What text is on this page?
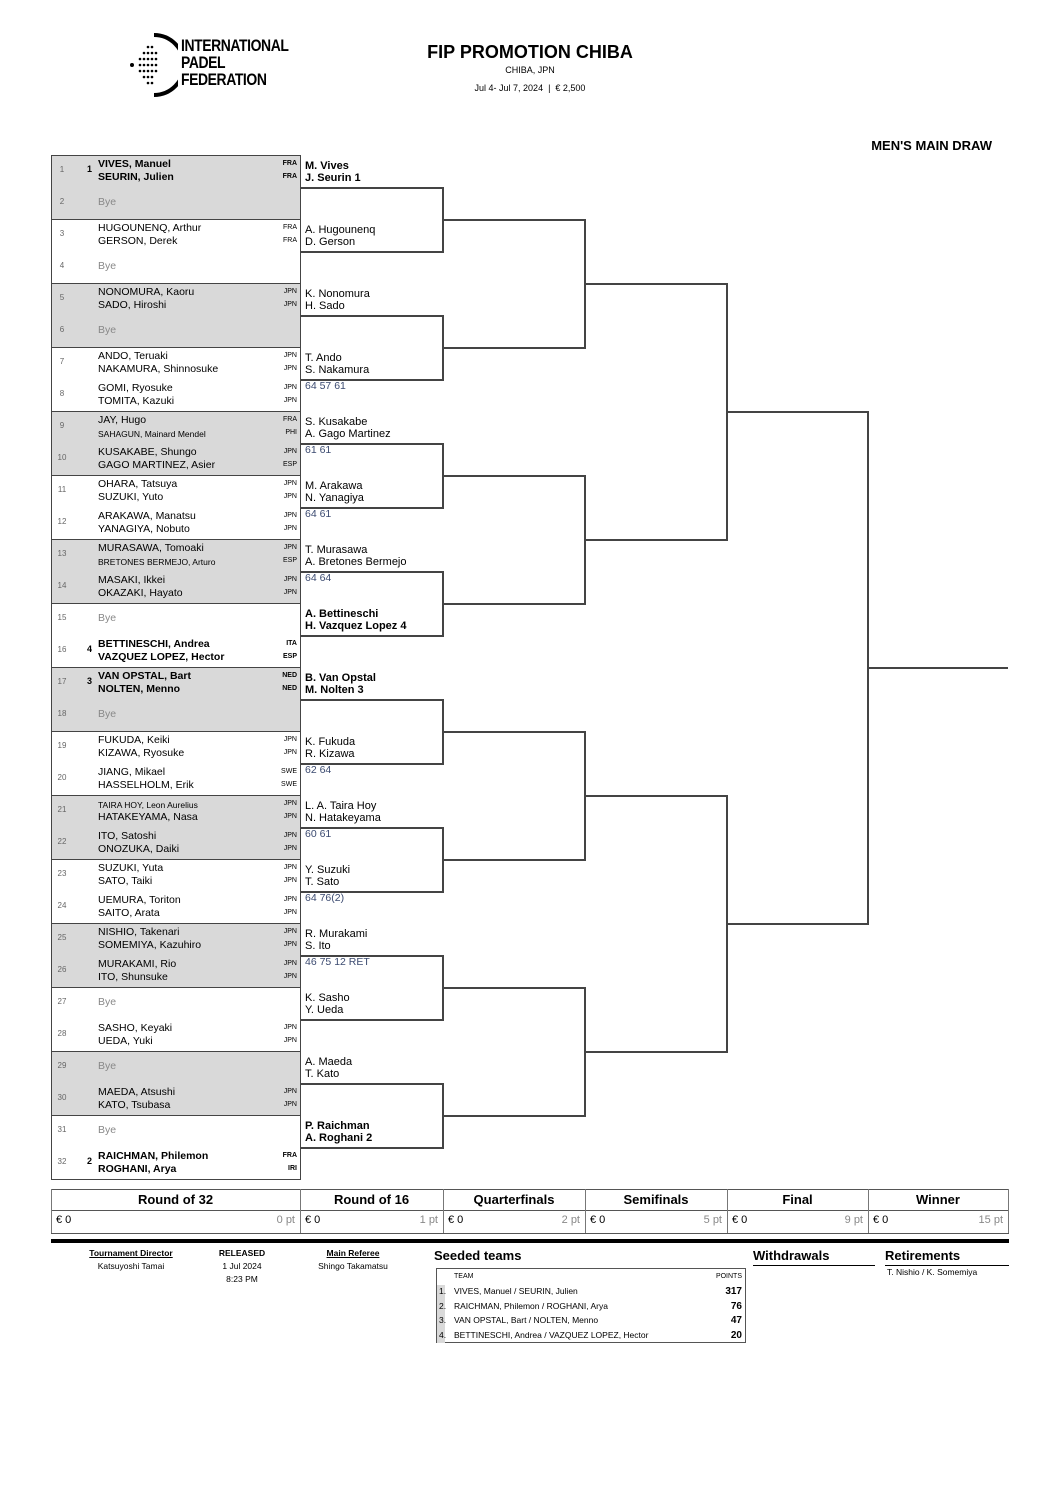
INTERNATIONAL
PADEL
FEDERATION
FIP PROMOTION CHIBA
CHIBA, JPN
Jul 4- Jul 7, 2024  |  € 2,500
MEN'S MAIN DRAW
1	1 VIVES, Manuel	FRA
SEURIN, Julien	FRA
2	Bye
3	HUGOUNENQ, Arthur	FRA
GERSON, Derek	FRA
4	Bye
5	NONOMURA, Kaoru	JPN
SADO, Hiroshi	JPN
6	Bye
7	ANDO, Teruaki	JPN
NAKAMURA, Shinnosuke	JPN
8	GOMI, Ryosuke	JPN
TOMITA, Kazuki	JPN
9	JAY, Hugo	FRA
SAHAGUN, Mainard Mendel	PHI
10	KUSAKABE, Shungo	JPN
GAGO MARTINEZ, Asier	ESP
11	OHARA, Tatsuya	JPN
SUZUKI, Yuto	JPN
12	ARAKAWA, Manatsu	JPN
YANAGIYA, Nobuto	JPN
13	MURASAWA, Tomoaki	JPN
BRETONES BERMEJO, Arturo	ESP
14	MASAKI, Ikkei	JPN
OKAZAKI, Hayato	JPN
15	Bye
16	4 BETTINESCHI, Andrea	ITA
VAZQUEZ LOPEZ, Hector	ESP
17	3 VAN OPSTAL, Bart	NED
NOLTEN, Menno	NED
18	Bye
19	FUKUDA, Keiki	JPN
KIZAWA, Ryosuke	JPN
20	JIANG, Mikael	SWE
HASSELHOLM, Erik	SWE
21	TAIRA HOY, Leon Aurelius	JPN
HATAKEYAMA, Nasa	JPN
22	ITO, Satoshi	JPN
ONOZUKA, Daiki	JPN
23	SUZUKI, Yuta	JPN
SATO, Taiki	JPN
24	UEMURA, Toriton	JPN
SAITO, Arata	JPN
25	NISHIO, Takenari	JPN
SOMEMIYA, Kazuhiro	JPN
26	MURAKAMI, Rio	JPN
ITO, Shunsuke	JPN
27	Bye
28	SASHO, Keyaki	JPN
UEDA, Yuki	JPN
29	Bye
30	MAEDA, Atsushi	JPN
KATO, Tsubasa	JPN
31	Bye
32	2 RAICHMAN, Philemon	FRA
ROGHANI, Arya	IRI
M. Vives
J. Seurin 1
A. Hugounenq
D. Gerson
K. Nonomura
H. Sado
T. Ando
S. Nakamura
64 57 61
S. Kusakabe
A. Gago Martinez
61 61
M. Arakawa
N. Yanagiya
64 61
T. Murasawa
A. Bretones Bermejo
64 64
A. Bettineschi
H. Vazquez Lopez 4
B. Van Opstal
M. Nolten 3
K. Fukuda
R. Kizawa
62 64
L. A. Taira Hoy
N. Hatakeyama
60 61
Y. Suzuki
T. Sato
64 76(2)
R. Murakami
S. Ito
46 75 12 RET
K. Sasho
Y. Ueda
A. Maeda
T. Kato
P. Raichman
A. Roghani 2
Round of 32
€ 0	0 pt
Round of 16
€ 0	1 pt
Quarterfinals
€ 0	2 pt
Semifinals
€ 0	5 pt
Final
€ 0	9 pt
Winner
€ 0	15 pt
Tournament Director
Katsuyoshi Tamai
RELEASED
1 Jul 2024
8:23 PM
Main Referee
Shingo Takamatsu
Seeded teams
TEAM	POINTS
1. VIVES, Manuel / SEURIN, Julien	317
2. RAICHMAN, Philemon / ROGHANI, Arya	76
3. VAN OPSTAL, Bart / NOLTEN, Menno	47
4. BETTINESCHI, Andrea / VAZQUEZ LOPEZ, Hector	20
Withdrawals	Retirements
T. Nishio / K. Somemiya
